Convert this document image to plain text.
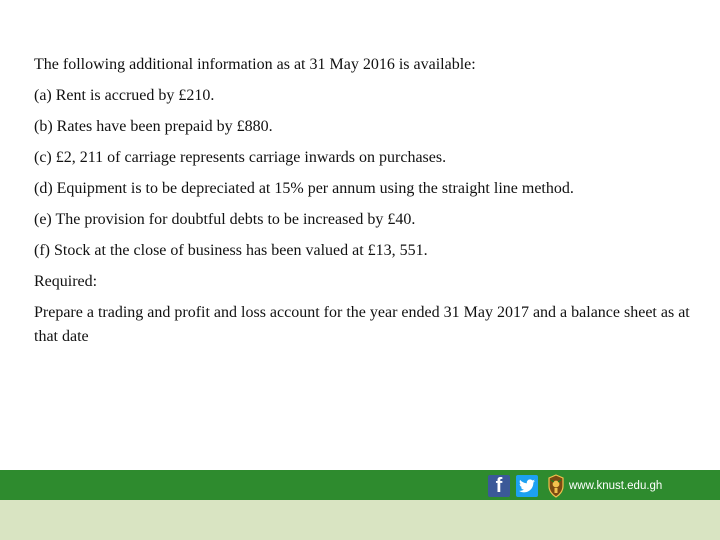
The following additional information as at 31 May 2016 is available:

(a) Rent is accrued by £210.

(b) Rates have been prepaid by £880.

(c) £2, 211 of carriage represents carriage inwards on purchases.

(d) Equipment is to be depreciated at 15% per annum using the straight line method.

(e) The provision for doubtful debts to be increased by £40.

(f) Stock at the close of business has been valued at £13, 551.

Required:

Prepare a trading and profit and loss account for the year ended 31 May 2017 and a balance sheet as at that date

f	www.knust.edu.gh
